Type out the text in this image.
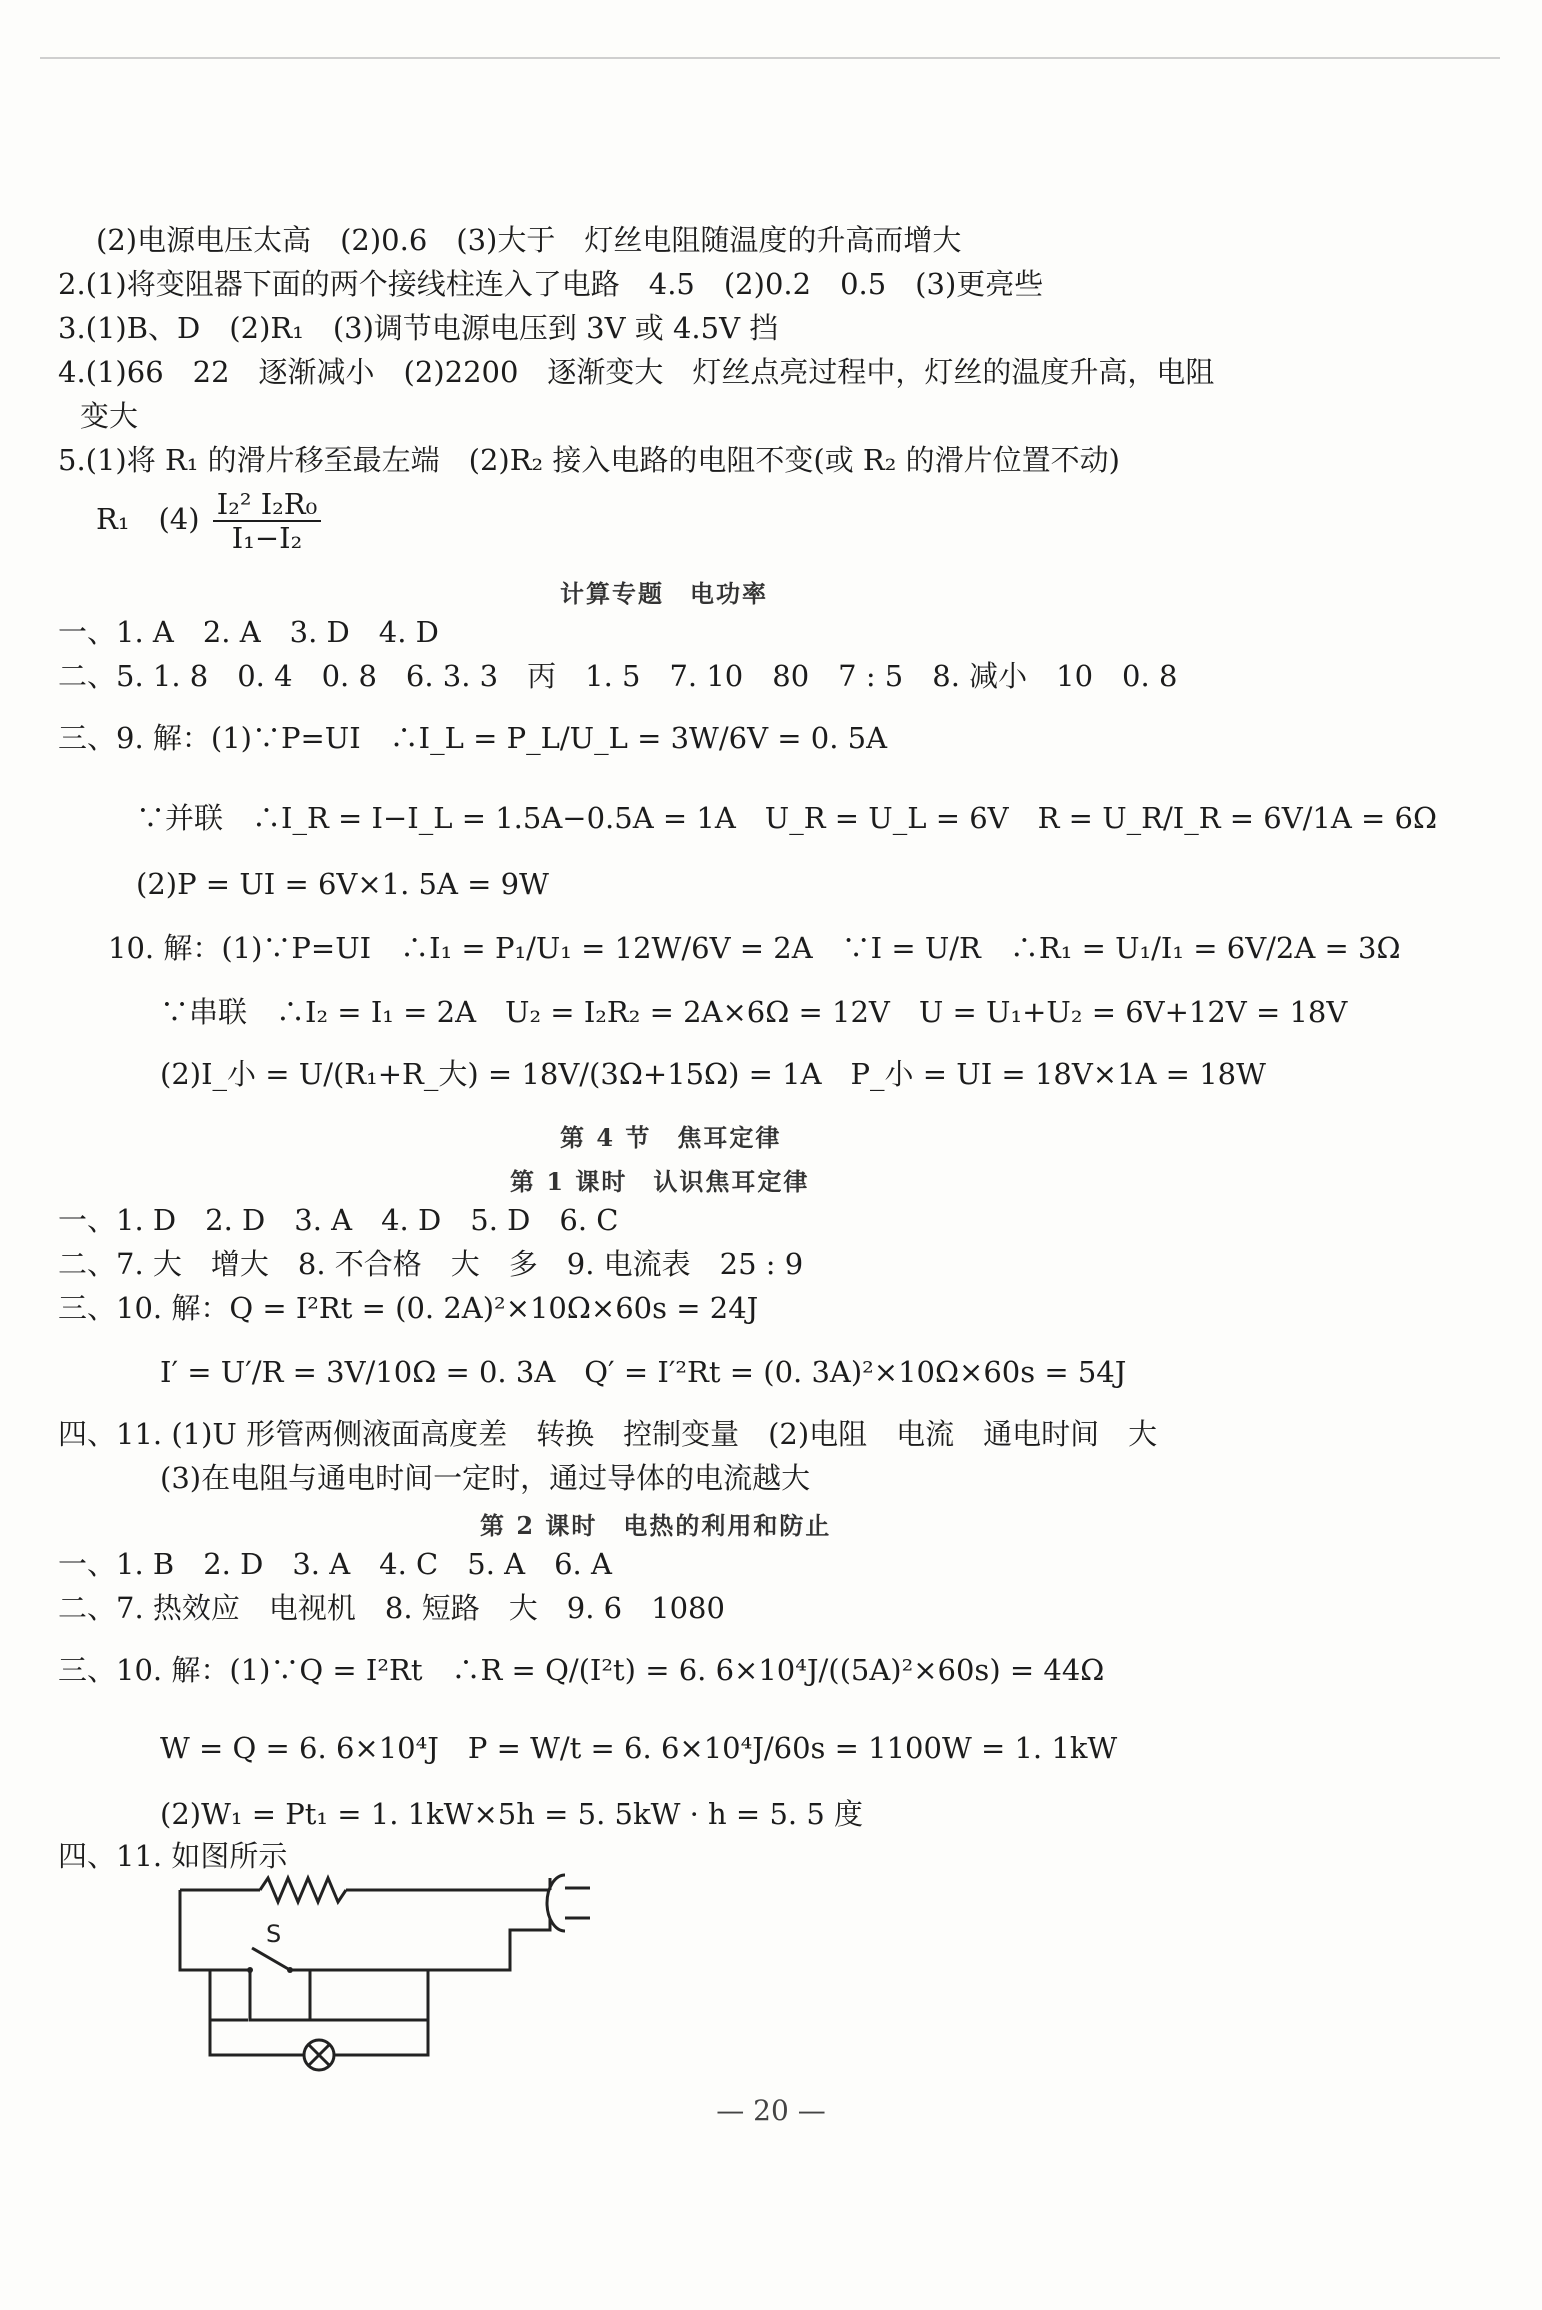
(2)电源电压太高　(2)0.6　(3)大于　灯丝电阻随温度的升高而增大
2.(1)将变阻器下面的两个接线柱连入了电路　4.5　(2)0.2　0.5　(3)更亮些
3.(1)B、D　(2)R₁　(3)调节电源电压到 3V 或 4.5V 挡
4.(1)66　22　逐渐减小　(2)2200　逐渐变大　灯丝点亮过程中，灯丝的温度升高，电阻
变大
5.(1)将 R₁ 的滑片移至最左端　(2)R₂ 接入电路的电阻不变(或 R₂ 的滑片位置不动)
R₁　$(4) \frac{\text{I₂² I₂R₀}}{\text{I₁−I₂}}$
计算专题　电功率
一、1. A　2. A　3. D　4. D
二、5. 1. 8　0. 4　0. 8　6. 3. 3　丙　1. 5　7. 10　80　7 : 5　8. 减小　10　0. 8
三、9. 解：(1)∵P=UI　∴I_L = P_L/U_L = 3W/6V = 0. 5A
∵并联　∴I_R = I−I_L = 1.5A−0.5A = 1A　U_R = U_L = 6V　R = U_R/I_R = 6V/1A = 6Ω
(2)P = UI = 6V×1. 5A = 9W
10. 解：(1)∵P=UI　∴I₁ = P₁/U₁ = 12W/6V = 2A　∵I = U/R　∴R₁ = U₁/I₁ = 6V/2A = 3Ω
∵串联　∴I₂ = I₁ = 2A　U₂ = I₂R₂ = 2A×6Ω = 12V　U = U₁+U₂ = 6V+12V = 18V
(2)I_小 = U/(R₁+R_大) = 18V/(3Ω+15Ω) = 1A　P_小 = UI = 18V×1A = 18W
第 4 节　焦耳定律
第 1 课时　认识焦耳定律
一、1. D　2. D　3. A　4. D　5. D　6. C
二、7. 大　增大　8. 不合格　大　多　9. 电流表　25 : 9
三、10. 解：Q = I²Rt = (0. 2A)²×10Ω×60s = 24J
I′ = U′/R = 3V/10Ω = 0. 3A　Q′ = I′²Rt = (0. 3A)²×10Ω×60s = 54J
四、11. (1)U 形管两侧液面高度差　转换　控制变量　(2)电阻　电流　通电时间　大
(3)在电阻与通电时间一定时，通过导体的电流越大
第 2 课时　电热的利用和防止
一、1. B　2. D　3. A　4. C　5. A　6. A
二、7. 热效应　电视机　8. 短路　大　9. 6　1080
三、10. 解：(1)∵Q = I²Rt　∴R = Q/(I²t) = 6. 6×10⁴J/((5A)²×60s) = 44Ω
W = Q = 6. 6×10⁴J　P = W/t = 6. 6×10⁴J/60s = 1100W = 1. 1kW
(2)W₁ = Pt₁ = 1. 1kW×5h = 5. 5kW · h = 5. 5 度
四、11. 如图所示
S
— 20 —
